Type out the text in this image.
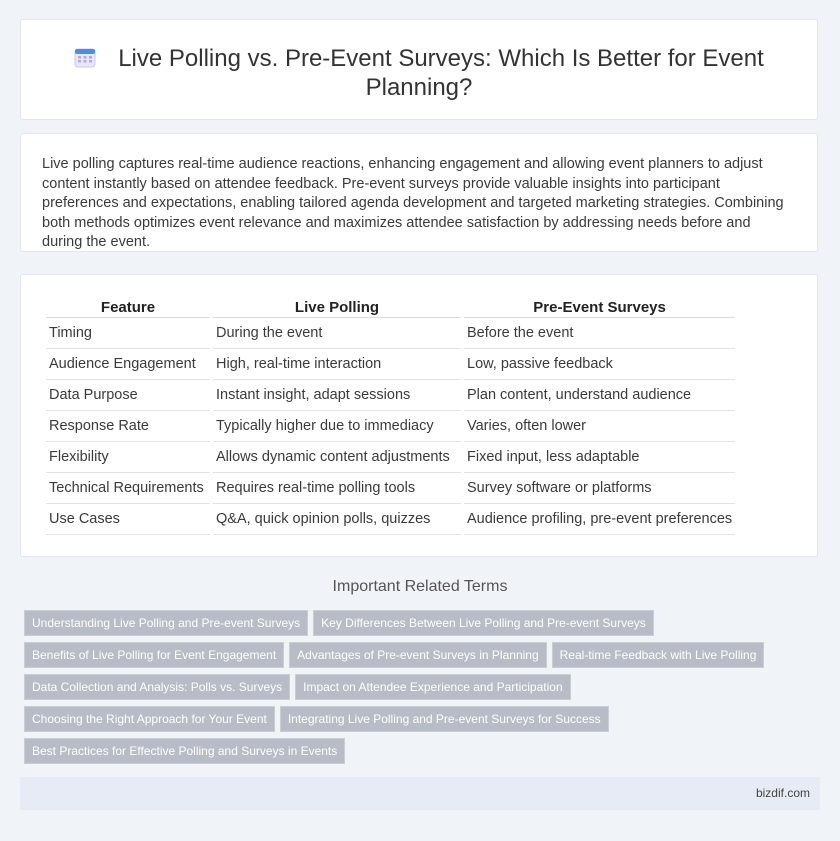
Live Polling vs. Pre-Event Surveys: Which Is Better for Event Planning?
Live polling captures real-time audience reactions, enhancing engagement and allowing event planners to adjust content instantly based on attendee feedback. Pre-event surveys provide valuable insights into participant preferences and expectations, enabling tailored agenda development and targeted marketing strategies. Combining both methods optimizes event relevance and maximizes attendee satisfaction by addressing needs before and during the event.
Feature	Live Polling	Pre-Event Surveys
Timing	During the event	Before the event
Audience Engagement	High, real-time interaction	Low, passive feedback
Data Purpose	Instant insight, adapt sessions	Plan content, understand audience
Response Rate	Typically higher due to immediacy	Varies, often lower
Flexibility	Allows dynamic content adjustments	Fixed input, less adaptable
Technical Requirements	Requires real-time polling tools	Survey software or platforms
Use Cases	Q&A, quick opinion polls, quizzes	Audience profiling, pre-event preferences
Important Related Terms
Understanding Live Polling and Pre-event Surveys Key Differences Between Live Polling and Pre-event Surveys
Benefits of Live Polling for Event Engagement Advantages of Pre-event Surveys in Planning Real-time Feedback with Live Polling
Data Collection and Analysis: Polls vs. Surveys Impact on Attendee Experience and Participation
Choosing the Right Approach for Your Event Integrating Live Polling and Pre-event Surveys for Success
Best Practices for Effective Polling and Surveys in Events
bizdif.com
